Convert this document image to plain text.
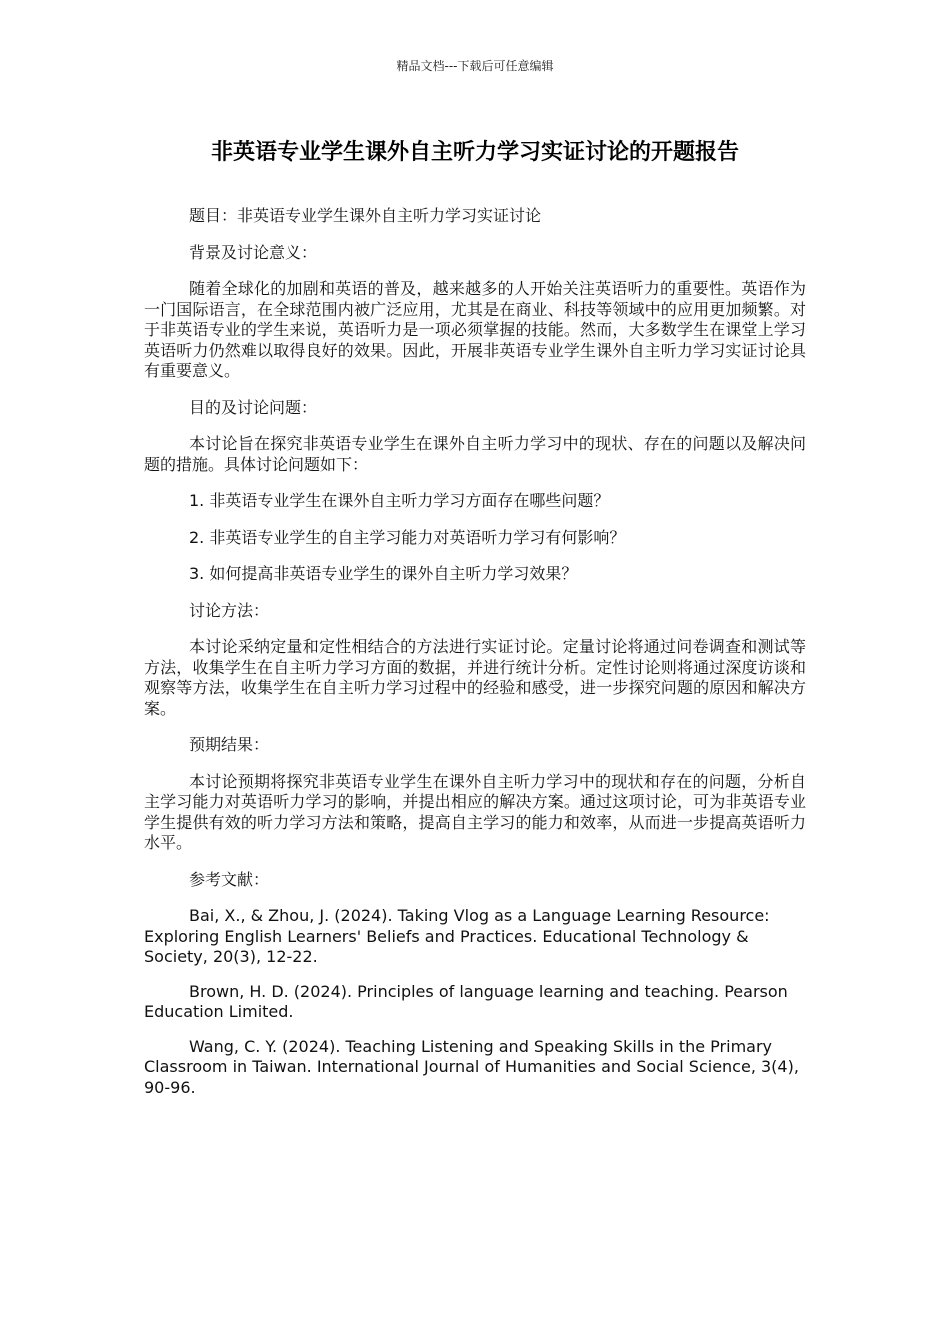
精品文档---下载后可任意编辑
非英语专业学生课外自主听力学习实证讨论的开题报告

题目：非英语专业学生课外自主听力学习实证讨论

背景及讨论意义：

随着全球化的加剧和英语的普及，越来越多的人开始关注英语听力的重要性。英语作为一门国际语言，在全球范围内被广泛应用，尤其是在商业、科技等领域中的应用更加频繁。对于非英语专业的学生来说，英语听力是一项必须掌握的技能。然而，大多数学生在课堂上学习英语听力仍然难以取得良好的效果。因此，开展非英语专业学生课外自主听力学习实证讨论具有重要意义。

目的及讨论问题：

本讨论旨在探究非英语专业学生在课外自主听力学习中的现状、存在的问题以及解决问题的措施。具体讨论问题如下：

1. 非英语专业学生在课外自主听力学习方面存在哪些问题？

2. 非英语专业学生的自主学习能力对英语听力学习有何影响？

3. 如何提高非英语专业学生的课外自主听力学习效果？

讨论方法：

本讨论采纳定量和定性相结合的方法进行实证讨论。定量讨论将通过问卷调查和测试等方法，收集学生在自主听力学习方面的数据，并进行统计分析。定性讨论则将通过深度访谈和观察等方法，收集学生在自主听力学习过程中的经验和感受，进一步探究问题的原因和解决方案。

预期结果：

本讨论预期将探究非英语专业学生在课外自主听力学习中的现状和存在的问题，分析自主学习能力对英语听力学习的影响，并提出相应的解决方案。通过这项讨论，可为非英语专业学生提供有效的听力学习方法和策略，提高自主学习的能力和效率，从而进一步提高英语听力水平。

参考文献：

Bai, X., & Zhou, J. (2024). Taking Vlog as a Language Learning Resource: Exploring English Learners' Beliefs and Practices. Educational Technology & Society, 20(3), 12-22.

Brown, H. D. (2024). Principles of language learning and teaching. Pearson Education Limited.

Wang, C. Y. (2024). Teaching Listening and Speaking Skills in the Primary Classroom in Taiwan. International Journal of Humanities and Social Science, 3(4), 90-96.
